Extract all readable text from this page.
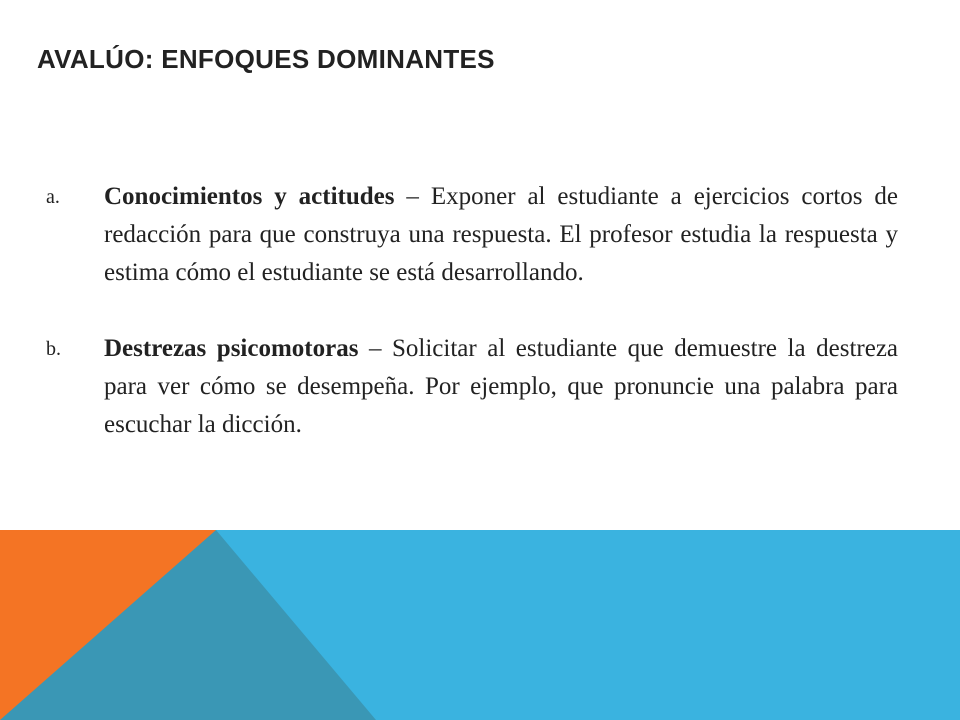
AVALÚO: ENFOQUES DOMINANTES
a. Conocimientos y actitudes – Exponer al estudiante a ejercicios cortos de redacción para que construya una respuesta. El profesor estudia la respuesta y estima cómo el estudiante se está desarrollando.
b. Destrezas psicomotoras – Solicitar al estudiante que demuestre la destreza para ver cómo se desempeña. Por ejemplo, que pronuncie una palabra para escuchar la dicción.
